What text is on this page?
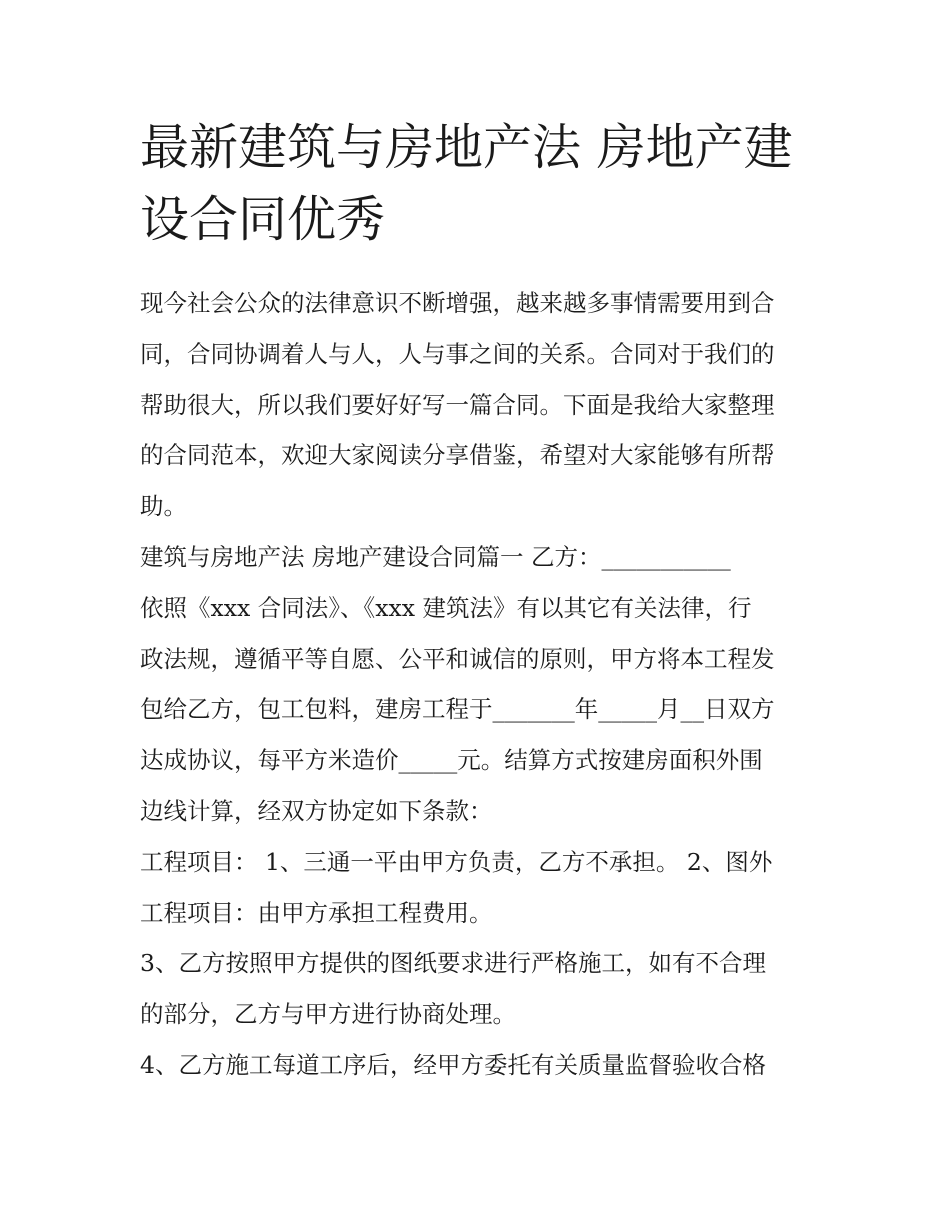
最新建筑与房地产法 房地产建
设合同优秀
现今社会公众的法律意识不断增强，越来越多事情需要用到合
同，合同协调着人与人，人与事之间的关系。合同对于我们的
帮助很大，所以我们要好好写一篇合同。下面是我给大家整理
的合同范本，欢迎大家阅读分享借鉴，希望对大家能够有所帮
助。
建筑与房地产法 房地产建设合同篇一 乙方：___________
依照《xxx 合同法》、《xxx 建筑法》有以其它有关法律，行
政法规，遵循平等自愿、公平和诚信的原则，甲方将本工程发
包给乙方，包工包料，建房工程于_______年_____月__日双方
达成协议，每平方米造价_____元。结算方式按建房面积外围
边线计算，经双方协定如下条款：
工程项目： 1、三通一平由甲方负责，乙方不承担。 2、图外
工程项目：由甲方承担工程费用。
3、乙方按照甲方提供的图纸要求进行严格施工，如有不合理
的部分，乙方与甲方进行协商处理。
4、乙方施工每道工序后，经甲方委托有关质量监督验收合格
